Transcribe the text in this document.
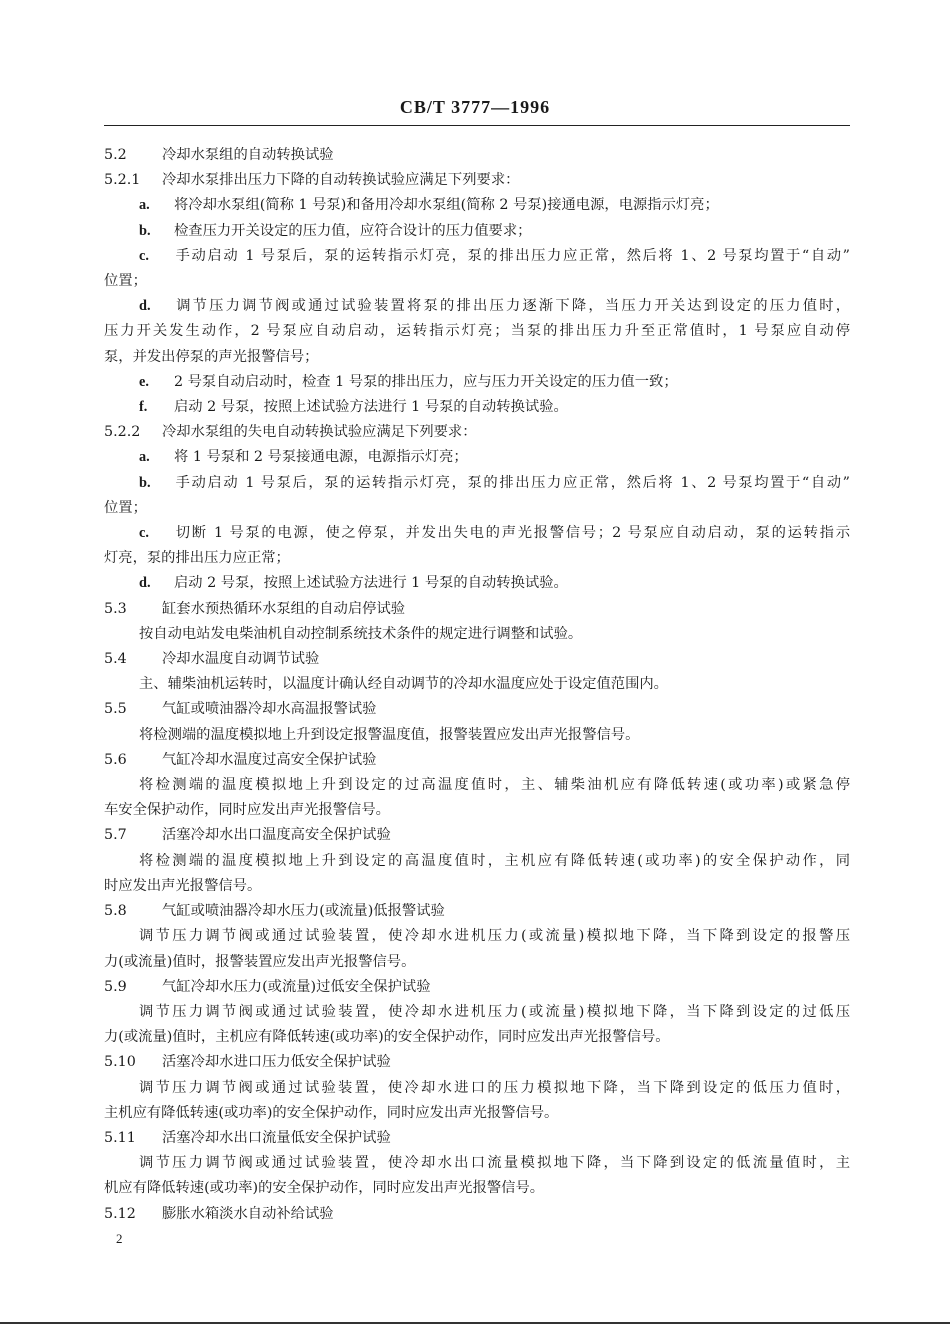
CB/T 3777—1996

5.2 冷却水泵组的自动转换试验

5.2.1 冷却水泵排出压力下降的自动转换试验应满足下列要求：

a. 将冷却水泵组(简称 1 号泵)和备用冷却水泵组(简称 2 号泵)接通电源，电源指示灯亮；

b. 检查压力开关设定的压力值，应符合设计的压力值要求；

c. 手动启动 1 号泵后，泵的运转指示灯亮，泵的排出压力应正常，然后将 1、2 号泵均置于“自动”

位置；

d. 调节压力调节阀或通过试验装置将泵的排出压力逐渐下降，当压力开关达到设定的压力值时，

压力开关发生动作，2 号泵应自动启动，运转指示灯亮；当泵的排出压力升至正常值时，1 号泵应自动停

泵，并发出停泵的声光报警信号；

e. 2 号泵自动启动时，检查 1 号泵的排出压力，应与压力开关设定的压力值一致；

f. 启动 2 号泵，按照上述试验方法进行 1 号泵的自动转换试验。

5.2.2 冷却水泵组的失电自动转换试验应满足下列要求：

a. 将 1 号泵和 2 号泵接通电源，电源指示灯亮；

b. 手动启动 1 号泵后，泵的运转指示灯亮，泵的排出压力应正常，然后将 1、2 号泵均置于“自动”

位置；

c. 切断 1 号泵的电源，使之停泵，并发出失电的声光报警信号；2 号泵应自动启动，泵的运转指示

灯亮，泵的排出压力应正常；

d. 启动 2 号泵，按照上述试验方法进行 1 号泵的自动转换试验。

5.3 缸套水预热循环水泵组的自动启停试验

按自动电站发电柴油机自动控制系统技术条件的规定进行调整和试验。

5.4 冷却水温度自动调节试验

主、辅柴油机运转时，以温度计确认经自动调节的冷却水温度应处于设定值范围内。

5.5 气缸或喷油器冷却水高温报警试验

将检测端的温度模拟地上升到设定报警温度值，报警装置应发出声光报警信号。

5.6 气缸冷却水温度过高安全保护试验

将检测端的温度模拟地上升到设定的过高温度值时，主、辅柴油机应有降低转速(或功率)或紧急停

车安全保护动作，同时应发出声光报警信号。

5.7 活塞冷却水出口温度高安全保护试验

将检测端的温度模拟地上升到设定的高温度值时，主机应有降低转速(或功率)的安全保护动作，同

时应发出声光报警信号。

5.8 气缸或喷油器冷却水压力(或流量)低报警试验

调节压力调节阀或通过试验装置，使冷却水进机压力(或流量)模拟地下降，当下降到设定的报警压

力(或流量)值时，报警装置应发出声光报警信号。

5.9 气缸冷却水压力(或流量)过低安全保护试验

调节压力调节阀或通过试验装置，使冷却水进机压力(或流量)模拟地下降，当下降到设定的过低压

力(或流量)值时，主机应有降低转速(或功率)的安全保护动作，同时应发出声光报警信号。

5.10 活塞冷却水进口压力低安全保护试验

调节压力调节阀或通过试验装置，使冷却水进口的压力模拟地下降，当下降到设定的低压力值时，

主机应有降低转速(或功率)的安全保护动作，同时应发出声光报警信号。

5.11 活塞冷却水出口流量低安全保护试验

调节压力调节阀或通过试验装置，使冷却水出口流量模拟地下降，当下降到设定的低流量值时，主

机应有降低转速(或功率)的安全保护动作，同时应发出声光报警信号。

5.12 膨胀水箱淡水自动补给试验

2
